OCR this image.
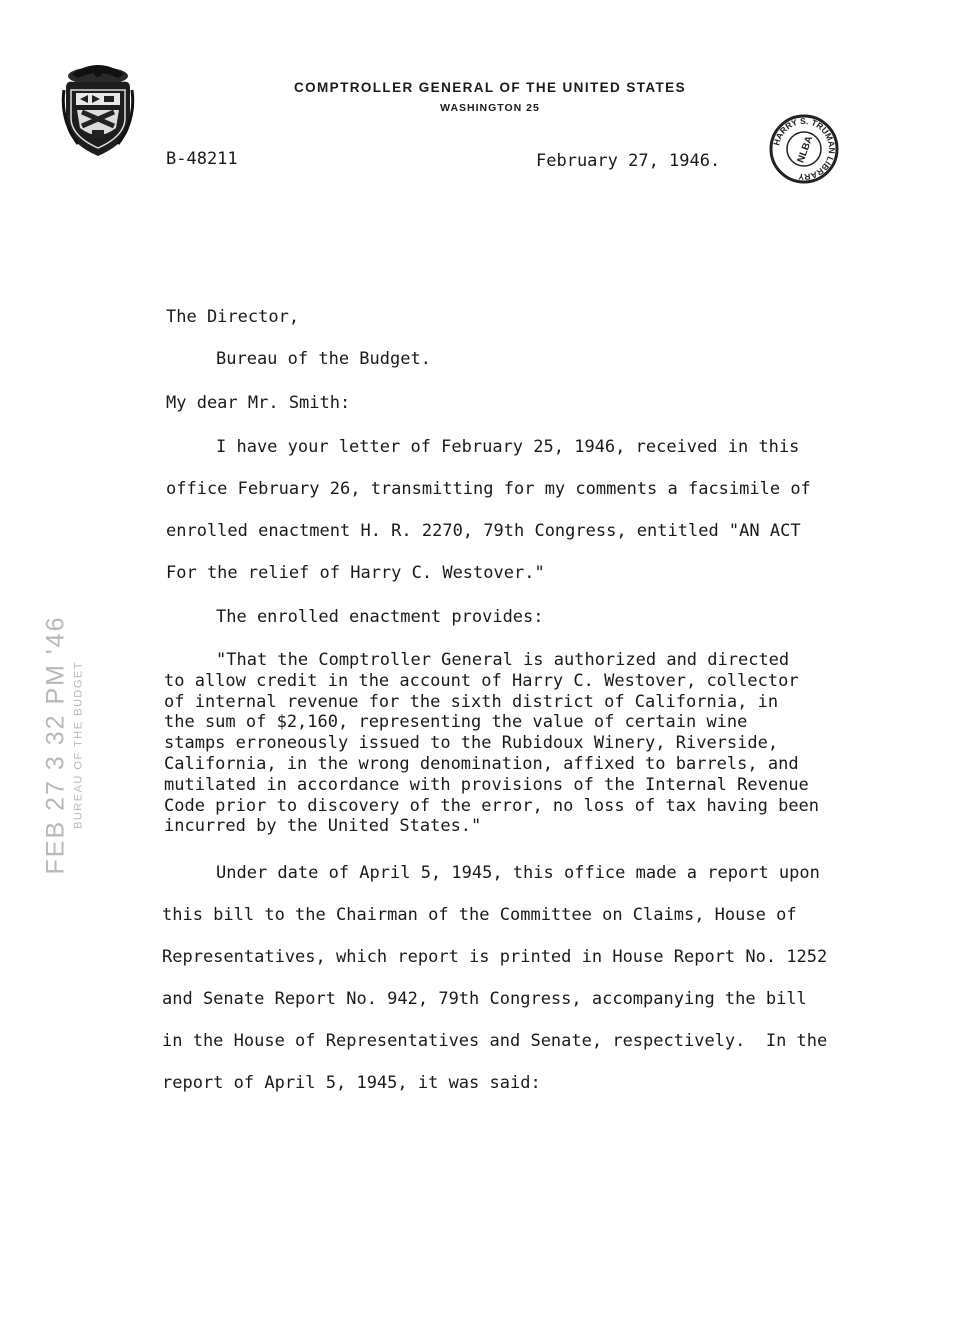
COMPTROLLER GENERAL OF THE UNITED STATES
WASHINGTON 25
HARRY S. TRUMAN LIBRARY
NLBA
B-48211	February 27, 1946.
FEB 27 3 32 PM '46 BUREAU OF THE BUDGET
The Director,
Bureau of the Budget.
My dear Mr. Smith:
I have your letter of February 25, 1946, received in this
office February 26, transmitting for my comments a facsimile of
enrolled enactment H. R. 2270, 79th Congress, entitled "AN ACT
For the relief of Harry C. Westover."
The enrolled enactment provides:
"That the Comptroller General is authorized and directed
to allow credit in the account of Harry C. Westover, collector
of internal revenue for the sixth district of California, in
the sum of $2,160, representing the value of certain wine
stamps erroneously issued to the Rubidoux Winery, Riverside,
California, in the wrong denomination, affixed to barrels, and
mutilated in accordance with provisions of the Internal Revenue
Code prior to discovery of the error, no loss of tax having been
incurred by the United States."
Under date of April 5, 1945, this office made a report upon
this bill to the Chairman of the Committee on Claims, House of
Representatives, which report is printed in House Report No. 1252
and Senate Report No. 942, 79th Congress, accompanying the bill
in the House of Representatives and Senate, respectively.  In the
report of April 5, 1945, it was said:
